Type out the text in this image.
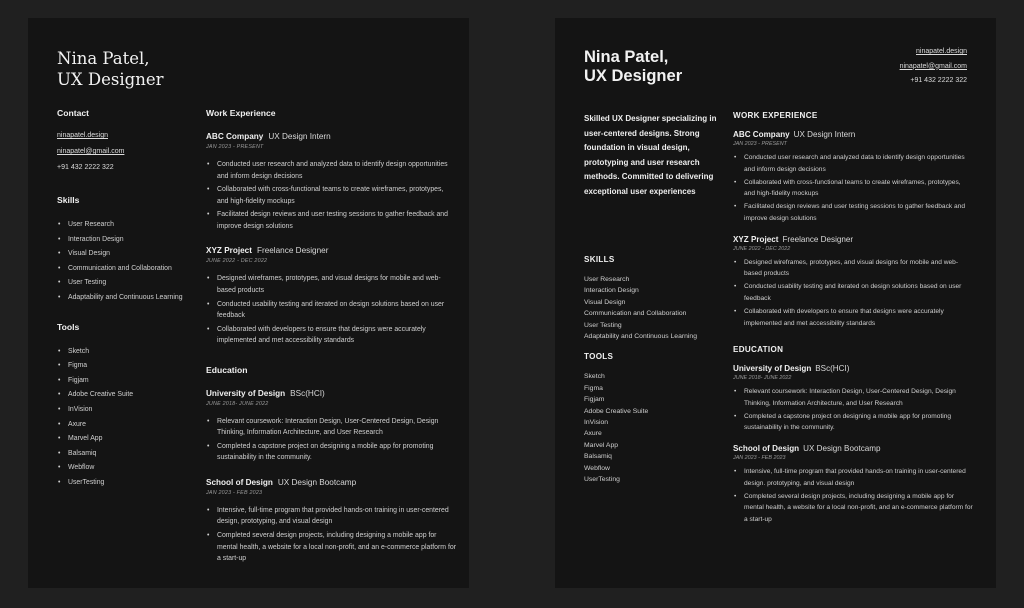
Nina Patel,
UX Designer
Contact
ninapatel.design
ninapatel@gmail.com
+91 432 2222 322
Skills
• User Research
• Interaction Design
• Visual Design
• Communication and Collaboration
• User Testing
• Adaptability and Continuous Learning
Tools
• Sketch
• Figma
• Figjam
• Adobe Creative Suite
• InVision
• Axure
• Marvel App
• Balsamiq
• Webflow
• UserTesting
Work Experience
ABC Company UX Design Intern
JAN 2023 - PRESENT
• Conducted user research and analyzed data to identify design opportunities and inform design decisions
• Collaborated with cross-functional teams to create wireframes, prototypes, and high-fidelity mockups
• Facilitated design reviews and user testing sessions to gather feedback and improve design solutions
XYZ Project Freelance Designer
JUNE 2022 - DEC 2022
• Designed wireframes, prototypes, and visual designs for mobile and web-based products
• Conducted usability testing and iterated on design solutions based on user feedback
• Collaborated with developers to ensure that designs were accurately implemented and met accessibility standards
Education
University of Design BSc(HCI)
JUNE 2018- JUNE 2022
• Relevant coursework: Interaction Design, User-Centered Design, Design Thinking, Information Architecture, and User Research
• Completed a capstone project on designing a mobile app for promoting sustainability in the community.
School of Design UX Design Bootcamp
JAN 2023 - FEB 2023
• Intensive, full-time program that provided hands-on training in user-centered design, prototyping, and visual design
• Completed several design projects, including designing a mobile app for mental health, a website for a local non-profit, and an e-commerce platform for a start-up
Nina Patel,
UX Designer
ninapatel.design
ninapatel@gmail.com
+91 432 2222 322

Skilled UX Designer specializing in user-centered designs. Strong foundation in visual design, prototyping and user research methods. Committed to delivering exceptional user experiences

SKILLS
User Research
Interaction Design
Visual Design
Communication and Collaboration
User Testing
Adaptability and Continuous Learning
TOOLS
Sketch
Figma
Figjam
Adobe Creative Suite
InVision
Axure
Marvel App
Balsamiq
Webflow
UserTesting
WORK EXPERIENCE
ABC Company UX Design Intern
JAN 2023 - PRESENT
• Conducted user research and analyzed data to identify design opportunities and inform design decisions
• Collaborated with cross-functional teams to create wireframes, prototypes, and high-fidelity mockups
• Facilitated design reviews and user testing sessions to gather feedback and improve design solutions
XYZ Project Freelance Designer
JUNE 2022 - DEC 2022
• Designed wireframes, prototypes, and visual designs for mobile and web-based products
• Conducted usability testing and iterated on design solutions based on user feedback
• Collaborated with developers to ensure that designs were accurately implemented and met accessibility standards
EDUCATION
University of Design BSc(HCI)
JUNE 2018- JUNE 2022
• Relevant coursework: Interaction Design, User-Centered Design, Design Thinking, Information Architecture, and User Research
• Completed a capstone project on designing a mobile app for promoting sustainability in the community.
School of Design UX Design Bootcamp
JAN 2023 - FEB 2023
• Intensive, full-time program that provided hands-on training in user-centered design. prototyping, and visual design
• Completed several design projects, including designing a mobile app for mental health, a website for a local non-profit, and an e-commerce platform for a start-up
